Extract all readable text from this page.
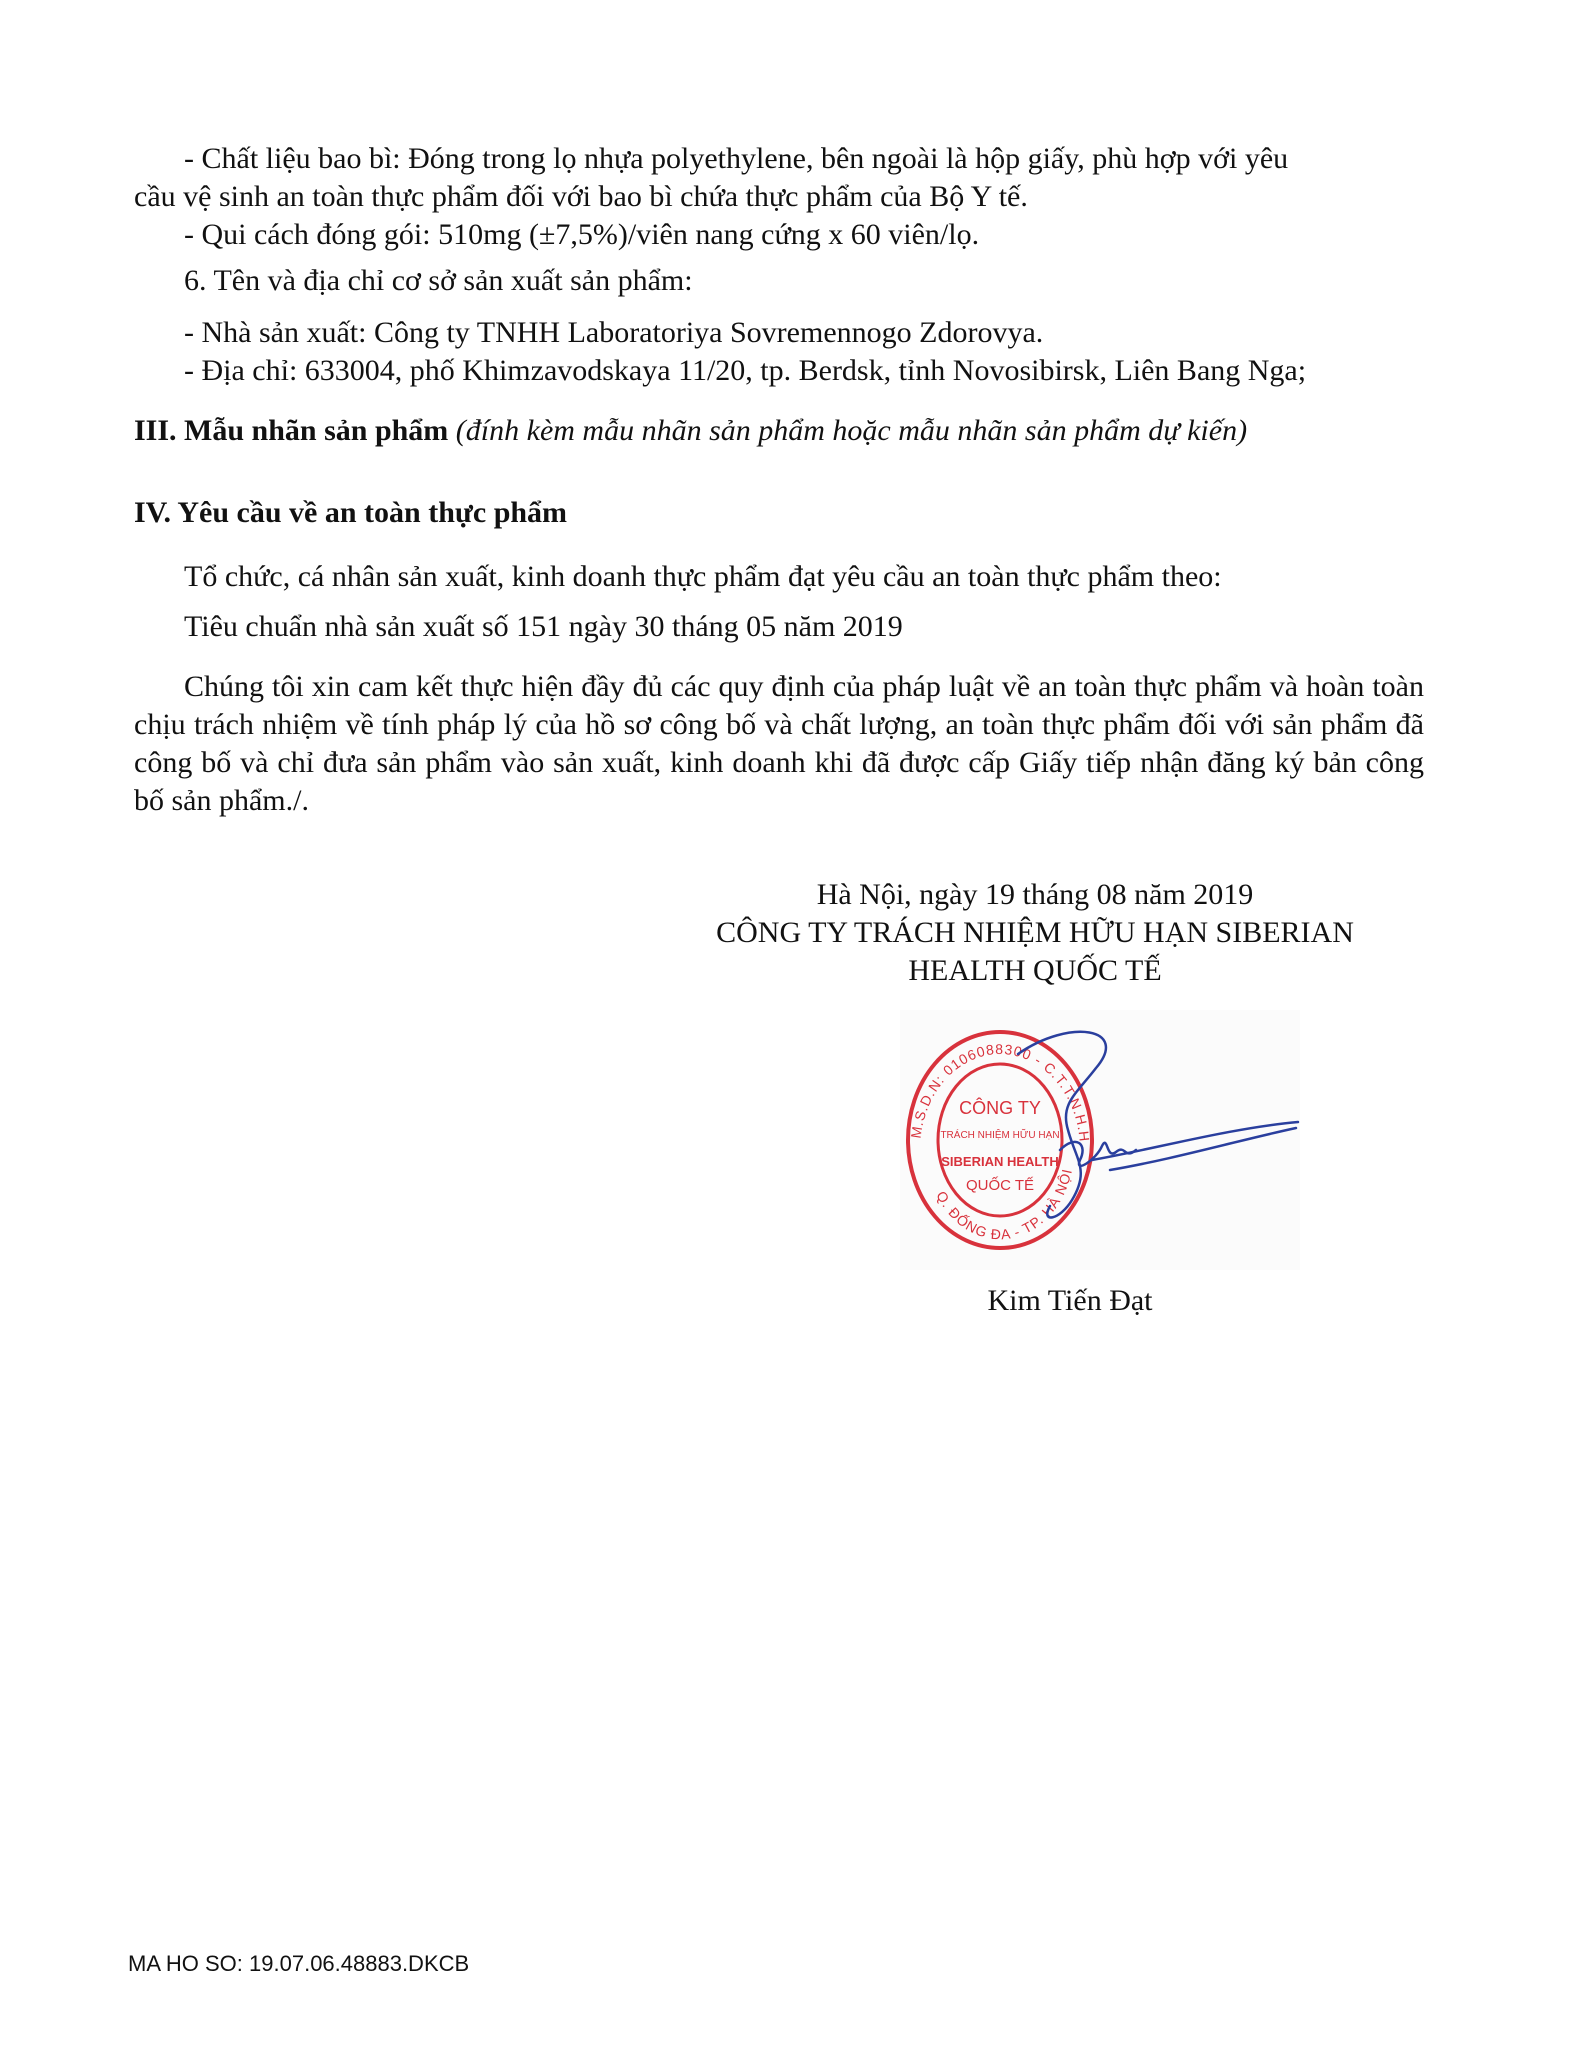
- Chất liệu bao bì: Đóng trong lọ nhựa polyethylene, bên ngoài là hộp giấy, phù hợp với yêu

cầu vệ sinh an toàn thực phẩm đối với bao bì chứa thực phẩm của Bộ Y tế.

- Qui cách đóng gói: 510mg (±7,5%)/viên nang cứng x 60 viên/lọ.

6. Tên và địa chỉ cơ sở sản xuất sản phẩm:

- Nhà sản xuất: Công ty TNHH Laboratoriya Sovremennogo Zdorovya.

- Địa chỉ: 633004, phố Khimzavodskaya 11/20, tp. Berdsk, tỉnh Novosibirsk, Liên Bang Nga;

III. Mẫu nhãn sản phẩm (đính kèm mẫu nhãn sản phẩm hoặc mẫu nhãn sản phẩm dự kiến)
IV. Yêu cầu về an toàn thực phẩm

Tổ chức, cá nhân sản xuất, kinh doanh thực phẩm đạt yêu cầu an toàn thực phẩm theo:

Tiêu chuẩn nhà sản xuất số 151 ngày 30 tháng 05 năm 2019

Chúng tôi xin cam kết thực hiện đầy đủ các quy định của pháp luật về an toàn thực phẩm và hoàn toàn chịu trách nhiệm về tính pháp lý của hồ sơ công bố và chất lượng, an toàn thực phẩm đối với sản phẩm đã công bố và chỉ đưa sản phẩm vào sản xuất, kinh doanh khi đã được cấp Giấy tiếp nhận đăng ký bản công bố sản phẩm./.

Hà Nội, ngày 19 tháng 08 năm 2019
CÔNG TY TRÁCH NHIỆM HỮU HẠN SIBERIAN
HEALTH QUỐC TẾ
M.S.D.N: 0106088300 - C.T.T.N.H.H
Q. ĐỐNG ĐA - TP. HÀ NỘI
CÔNG TY
TRÁCH NHIỆM HỮU HẠN
SIBERIAN HEALTH
QUỐC TẾ
Kim Tiến Đạt
MA HO SO: 19.07.06.48883.DKCB
